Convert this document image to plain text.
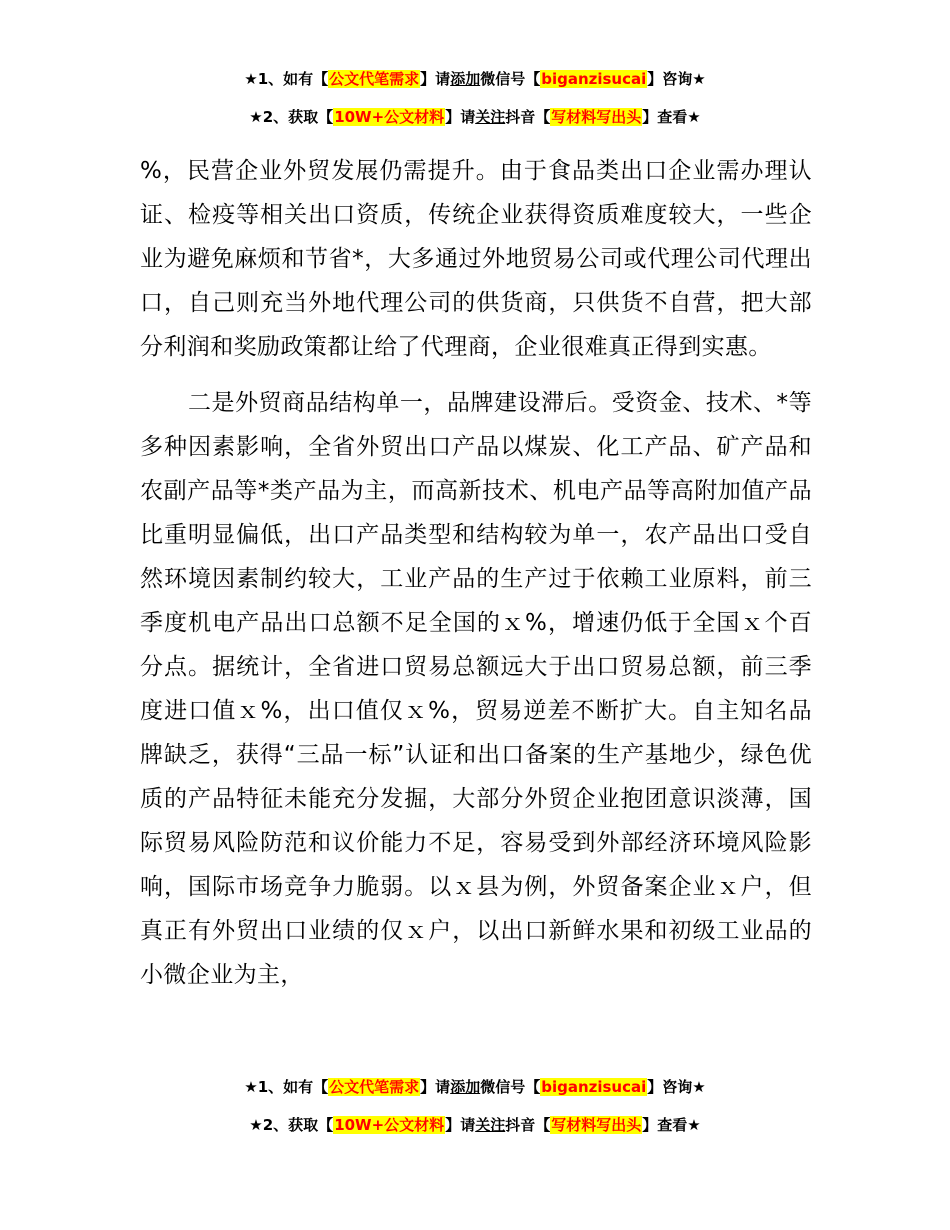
★1、如有【公文代笔需求】请添加微信号【biganzisucai】咨询★
★2、获取【10W+公文材料】请关注抖音【写材料写出头】查看★

%，民营企业外贸发展仍需提升。由于食品类出口企业需办理认证、检疫等相关出口资质，传统企业获得资质难度较大，一些企业为避免麻烦和节省*，大多通过外地贸易公司或代理公司代理出口，自己则充当外地代理公司的供货商，只供货不自营，把大部分利润和奖励政策都让给了代理商，企业很难真正得到实惠。

二是外贸商品结构单一，品牌建设滞后。受资金、技术、*等多种因素影响，全省外贸出口产品以煤炭、化工产品、矿产品和农副产品等*类产品为主，而高新技术、机电产品等高附加值产品比重明显偏低，出口产品类型和结构较为单一，农产品出口受自然环境因素制约较大，工业产品的生产过于依赖工业原料，前三季度机电产品出口总额不足全国的ｘ%，增速仍低于全国ｘ个百分点。据统计，全省进口贸易总额远大于出口贸易总额，前三季度进口值ｘ%，出口值仅ｘ%，贸易逆差不断扩大。自主知名品牌缺乏，获得“三品一标”认证和出口备案的生产基地少，绿色优质的产品特征未能充分发掘，大部分外贸企业抱团意识淡薄，国际贸易风险防范和议价能力不足，容易受到外部经济环境风险影响，国际市场竞争力脆弱。以ｘ县为例，外贸备案企业ｘ户，但真正有外贸出口业绩的仅ｘ户，以出口新鲜水果和初级工业品的小微企业为主，

★1、如有【公文代笔需求】请添加微信号【biganzisucai】咨询★
★2、获取【10W+公文材料】请关注抖音【写材料写出头】查看★
